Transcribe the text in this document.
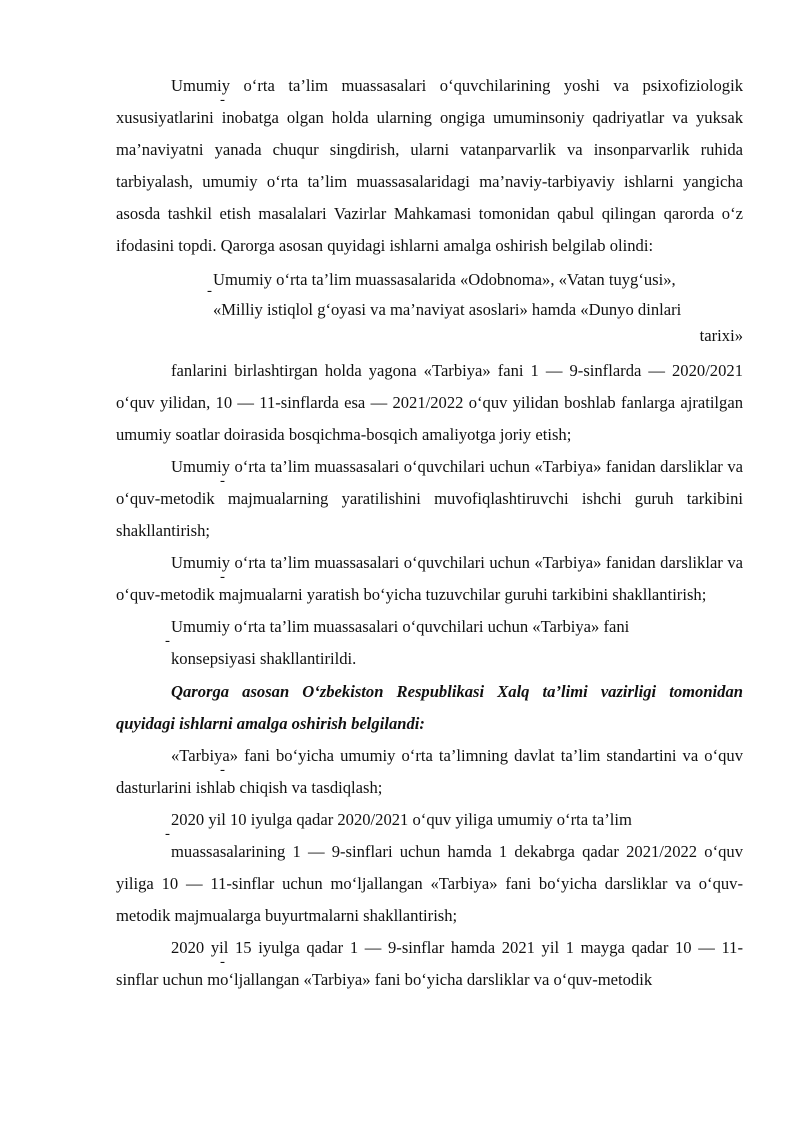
Umumiy o‘rta ta’lim muassasalari o‘quvchilarining yoshi va psixofiziologik xususiyatlarini inobatga olgan holda ularning ongiga umuminsoniy qadriyatlar va yuksak ma’naviyatni yanada chuqur singdirish, ularni vatanparvarlik va insonparvarlik ruhida tarbiyalash, umumiy o‘rta ta’lim muassasalaridagi ma’naviy-tarbiyaviy ishlarni yangicha asosda tashkil etish masalalari Vazirlar Mahkamasi tomonidan qabul qilingan qarorda o‘z ifodasini topdi. Qarorga asosan quyidagi ishlarni amalga oshirish belgilab olindi:

Umumiy o‘rta ta’lim muassasalarida «Odobnoma», «Vatan tuyg‘usi»,

«Milliy istiqlol g‘oyasi va ma’naviyat asoslari» hamda «Dunyo dinlari

tarixi»

fanlarini birlashtirgan holda yagona «Tarbiya» fani 1 — 9-sinflarda — 2020/2021 o‘quv yilidan, 10 — 11-sinflarda esa — 2021/2022 o‘quv yilidan boshlab fanlarga ajratilgan umumiy soatlar doirasida bosqichma-bosqich amaliyotga joriy etish;

Umumiy o‘rta ta’lim muassasalari o‘quvchilari uchun «Tarbiya» fanidan darsliklar va o‘quv-metodik majmualarning yaratilishini muvofiqlashtiruvchi ishchi guruh tarkibini shakllantirish;

Umumiy o‘rta ta’lim muassasalari o‘quvchilari uchun «Tarbiya» fanidan darsliklar va o‘quv-metodik majmualarni yaratish bo‘yicha tuzuvchilar guruhi tarkibini shakllantirish;

Umumiy o‘rta ta’lim muassasalari o‘quvchilari uchun «Tarbiya» fani

konsepsiyasi shakllantirildi.

Qarorga asosan O‘zbekiston Respublikasi Xalq ta’limi vazirligi tomonidan quyidagi ishlarni amalga oshirish belgilandi:

«Tarbiya» fani bo‘yicha umumiy o‘rta ta’limning davlat ta’lim standartini va o‘quv dasturlarini ishlab chiqish va tasdiqlash;

2020 yil 10 iyulga qadar 2020/2021 o‘quv yiliga umumiy o‘rta ta’lim

muassasalarining 1 — 9-sinflari uchun hamda 1 dekabrga qadar 2021/2022 o‘quv yiliga 10 — 11-sinflar uchun mo‘ljallangan «Tarbiya» fani bo‘yicha darsliklar va o‘quv-metodik majmualarga buyurtmalarni shakllantirish;

2020 yil 15 iyulga qadar 1 — 9-sinflar hamda 2021 yil 1 mayga qadar 10 — 11-sinflar uchun mo‘ljallangan «Tarbiya» fani bo‘yicha darsliklar va o‘quv-metodik
